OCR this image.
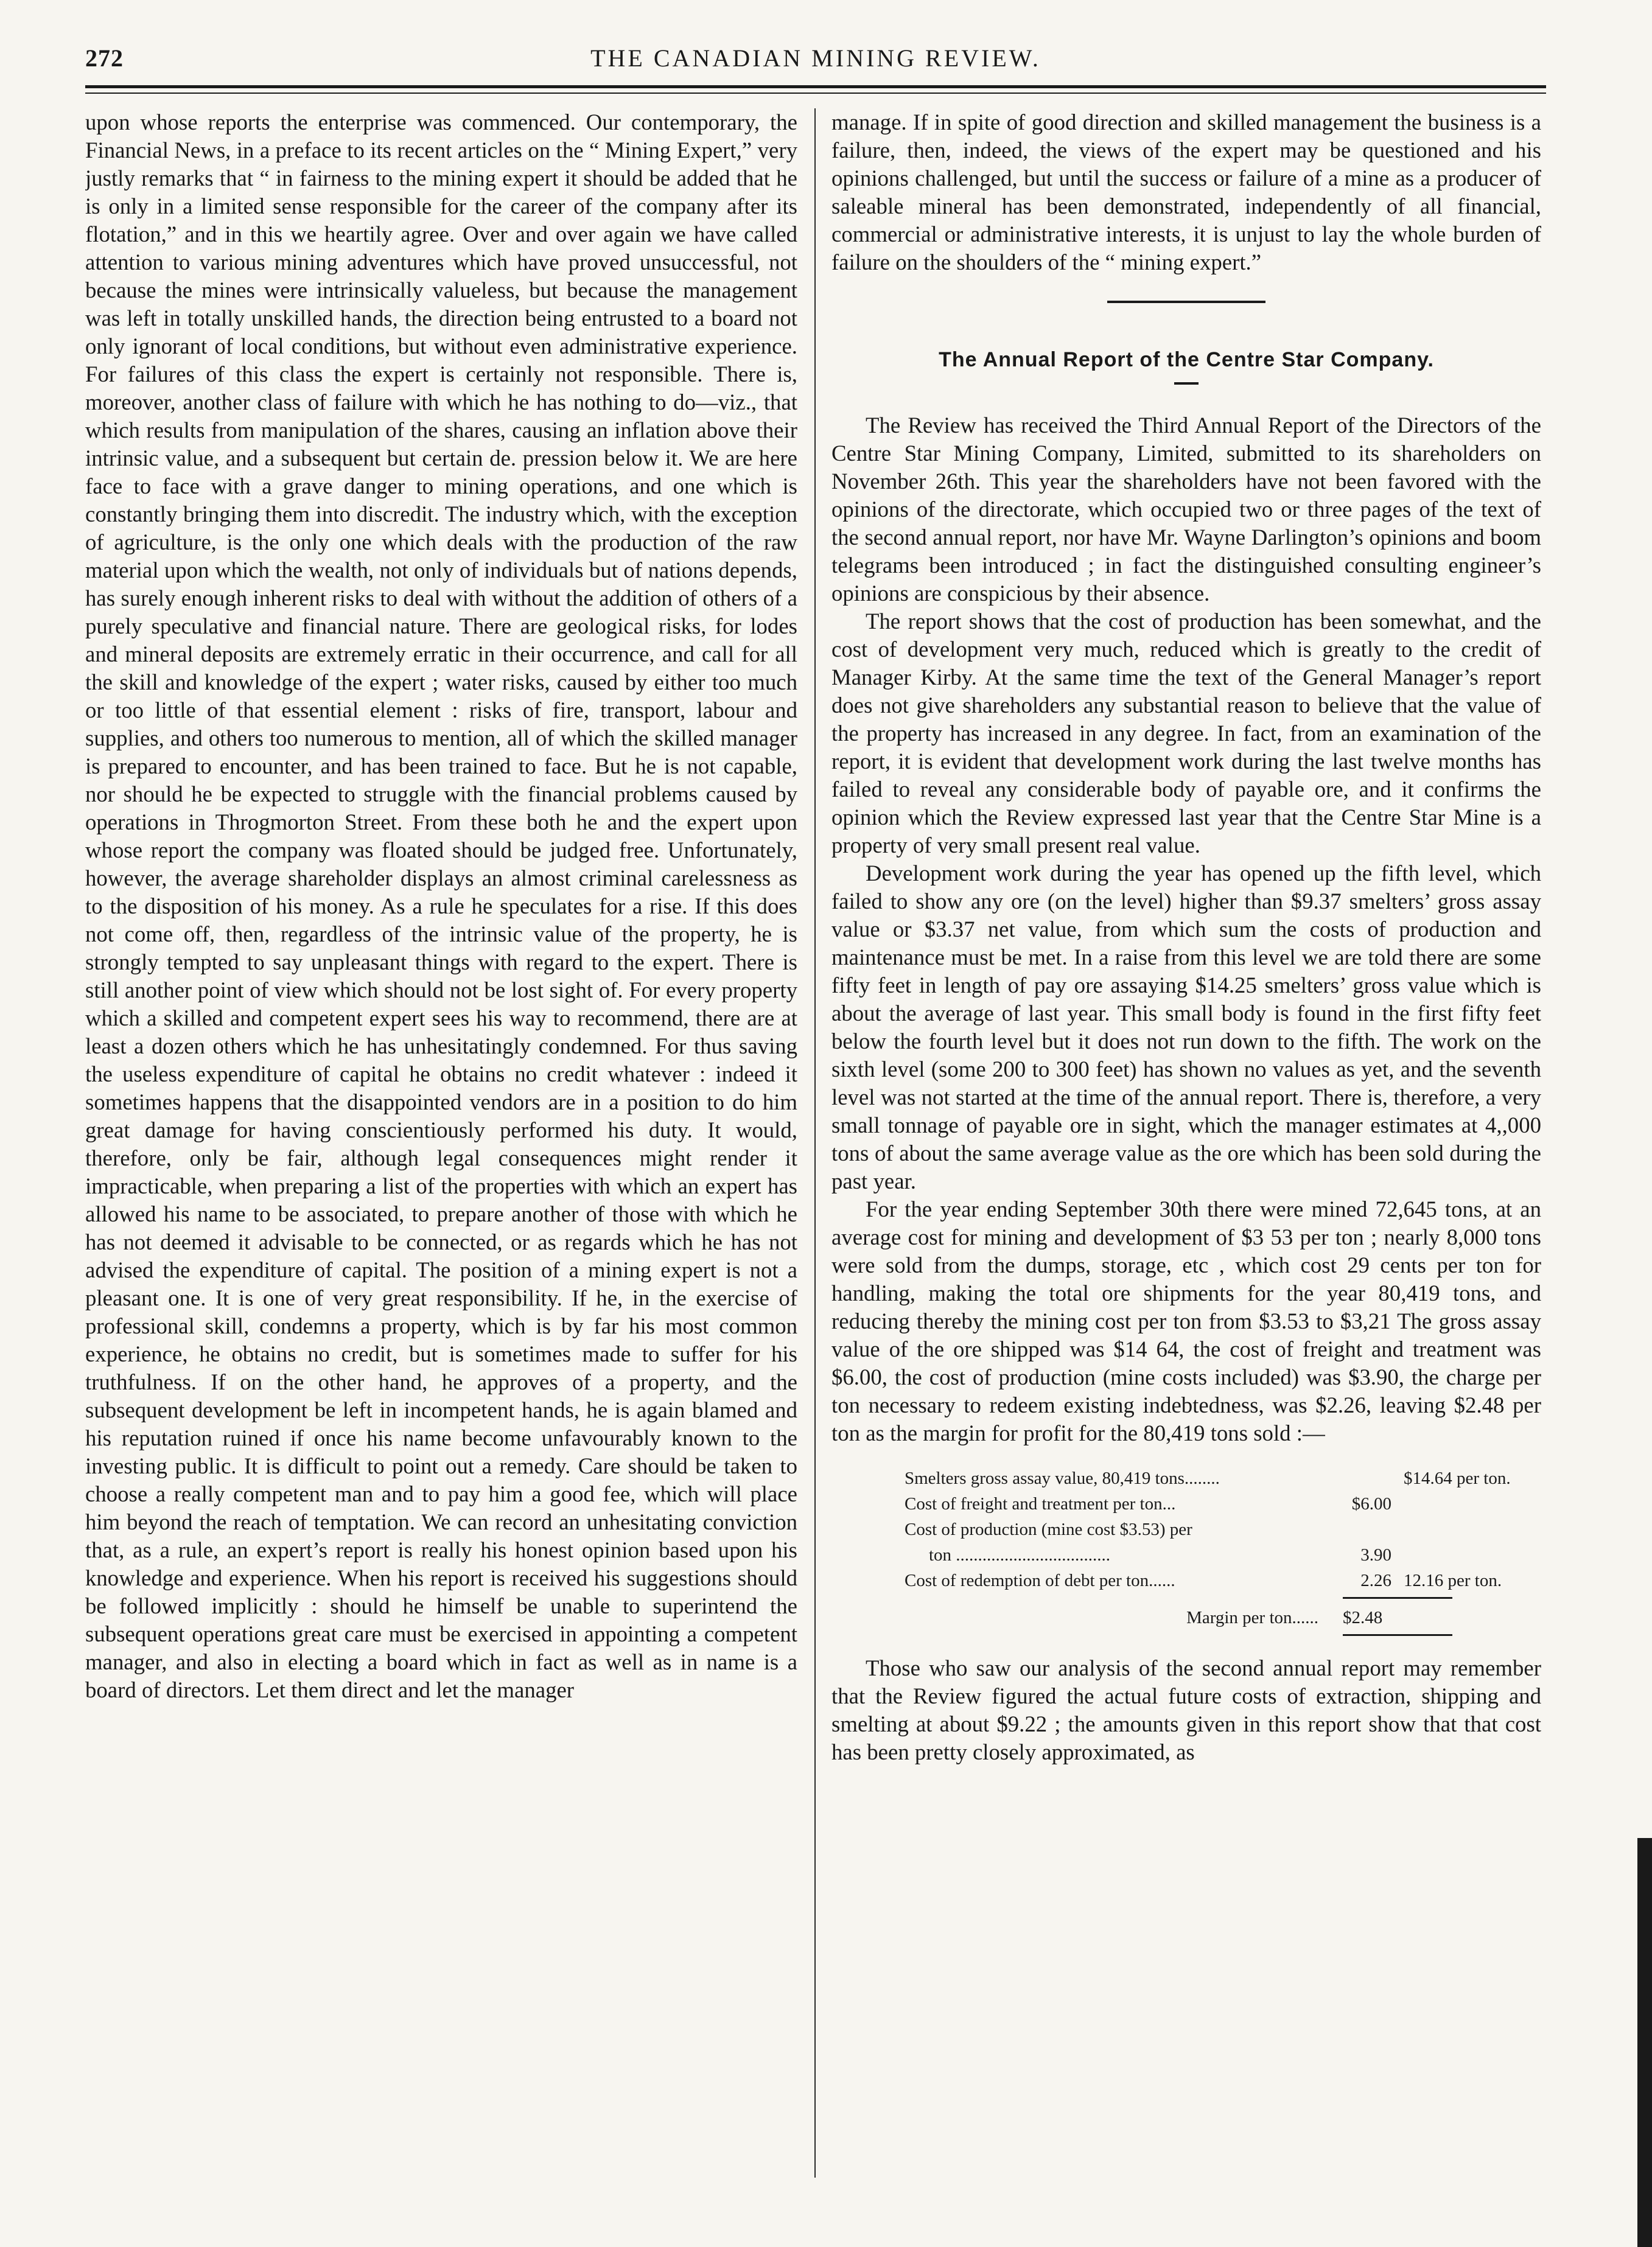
272	THE CANADIAN MINING REVIEW.

upon whose reports the enterprise was commenced. Our contemporary, the Financial News, in a preface to its recent articles on the “ Mining Expert,” very justly remarks that “ in fairness to the mining expert it should be added that he is only in a limited sense responsible for the career of the company after its flotation,” and in this we heartily agree. Over and over again we have called attention to various mining adventures which have proved unsuccessful, not because the mines were intrinsically valueless, but because the management was left in totally unskilled hands, the direction being entrusted to a board not only ignorant of local conditions, but without even administrative experience. For failures of this class the expert is certainly not responsible. There is, moreover, another class of failure with which he has nothing to do—viz., that which results from manipulation of the shares, causing an inflation above their intrinsic value, and a subsequent but certain de. pression below it. We are here face to face with a grave danger to mining operations, and one which is constantly bringing them into discredit. The industry which, with the exception of agriculture, is the only one which deals with the production of the raw material upon which the wealth, not only of individuals but of nations depends, has surely enough inherent risks to deal with without the addition of others of a purely speculative and financial nature. There are geological risks, for lodes and mineral deposits are extremely erratic in their occurrence, and call for all the skill and knowledge of the expert ; water risks, caused by either too much or too little of that essential element : risks of fire, transport, labour and supplies, and others too numerous to mention, all of which the skilled manager is prepared to encounter, and has been trained to face. But he is not capable, nor should he be expected to struggle with the financial problems caused by operations in Throgmorton Street. From these both he and the expert upon whose report the company was floated should be judged free. Unfortunately, however, the average shareholder displays an almost criminal carelessness as to the disposition of his money. As a rule he speculates for a rise. If this does not come off, then, regardless of the intrinsic value of the property, he is strongly tempted to say unpleasant things with regard to the expert. There is still another point of view which should not be lost sight of. For every property which a skilled and competent expert sees his way to recommend, there are at least a dozen others which he has unhesitatingly condemned. For thus saving the useless expenditure of capital he obtains no credit whatever : indeed it sometimes happens that the disappointed vendors are in a position to do him great damage for having conscientiously performed his duty. It would, therefore, only be fair, although legal consequences might render it impracticable, when preparing a list of the properties with which an expert has allowed his name to be associated, to prepare another of those with which he has not deemed it advisable to be connected, or as regards which he has not advised the expenditure of capital. The position of a mining expert is not a pleasant one. It is one of very great responsibility. If he, in the exercise of professional skill, condemns a property, which is by far his most common experience, he obtains no credit, but is sometimes made to suffer for his truthfulness. If on the other hand, he approves of a property, and the subsequent development be left in incompetent hands, he is again blamed and his reputation ruined if once his name become unfavourably known to the investing public. It is difficult to point out a remedy. Care should be taken to choose a really competent man and to pay him a good fee, which will place him beyond the reach of temptation. We can record an unhesitating conviction that, as a rule, an expert’s report is really his honest opinion based upon his knowledge and experience. When his report is received his suggestions should be followed implicitly : should he himself be unable to superintend the subsequent operations great care must be exercised in appointing a competent manager, and also in electing a board which in fact as well as in name is a board of directors. Let them direct and let the manager

manage. If in spite of good direction and skilled management the business is a failure, then, indeed, the views of the expert may be questioned and his opinions challenged, but until the success or failure of a mine as a producer of saleable mineral has been demonstrated, independently of all financial, commercial or administrative interests, it is unjust to lay the whole burden of failure on the shoulders of the “ mining expert.”

The Annual Report of the Centre Star Company.

The Review has received the Third Annual Report of the Directors of the Centre Star Mining Company, Limited, submitted to its shareholders on November 26th. This year the shareholders have not been favored with the opinions of the directorate, which occupied two or three pages of the text of the second annual report, nor have Mr. Wayne Darlington’s opinions and boom telegrams been introduced ; in fact the distinguished consulting engineer’s opinions are conspicious by their absence.

The report shows that the cost of production has been somewhat, and the cost of development very much, reduced which is greatly to the credit of Manager Kirby. At the same time the text of the General Manager’s report does not give shareholders any substantial reason to believe that the value of the property has increased in any degree. In fact, from an examination of the report, it is evident that development work during the last twelve months has failed to reveal any considerable body of payable ore, and it confirms the opinion which the Review expressed last year that the Centre Star Mine is a property of very small present real value.

Development work during the year has opened up the fifth level, which failed to show any ore (on the level) higher than $9.37 smelters’ gross assay value or $3.37 net value, from which sum the costs of production and maintenance must be met. In a raise from this level we are told there are some fifty feet in length of pay ore assaying $14.25 smelters’ gross value which is about the average of last year. This small body is found in the first fifty feet below the fourth level but it does not run down to the fifth. The work on the sixth level (some 200 to 300 feet) has shown no values as yet, and the seventh level was not started at the time of the annual report. There is, therefore, a very small tonnage of payable ore in sight, which the manager estimates at 4,,000 tons of about the same average value as the ore which has been sold during the past year.

For the year ending September 30th there were mined 72,645 tons, at an average cost for mining and development of $3 53 per ton ; nearly 8,000 tons were sold from the dumps, storage, etc , which cost 29 cents per ton for handling, making the total ore shipments for the year 80,419 tons, and reducing thereby the mining cost per ton from $3.53 to $3,21 The gross assay value of the ore shipped was $14 64, the cost of freight and treatment was $6.00, the cost of production (mine costs included) was $3.90, the charge per ton necessary to redeem existing indebtedness, was $2.26, leaving $2.48 per ton as the margin for profit for the 80,419 tons sold :—

Smelters gross assay value, 80,419 tons........	$14.64 per ton.
Cost of freight and treatment per ton...	$6.00
Cost of production (mine cost $3.53) per
ton ...................................	3.90
Cost of redemption of debt per ton......	2.26 12.16 per ton.
Margin per ton......	$2.48

Those who saw our analysis of the second annual report may remember that the Review figured the actual future costs of extraction, shipping and smelting at about $9.22 ; the amounts given in this report show that that cost has been pretty closely approximated, as
